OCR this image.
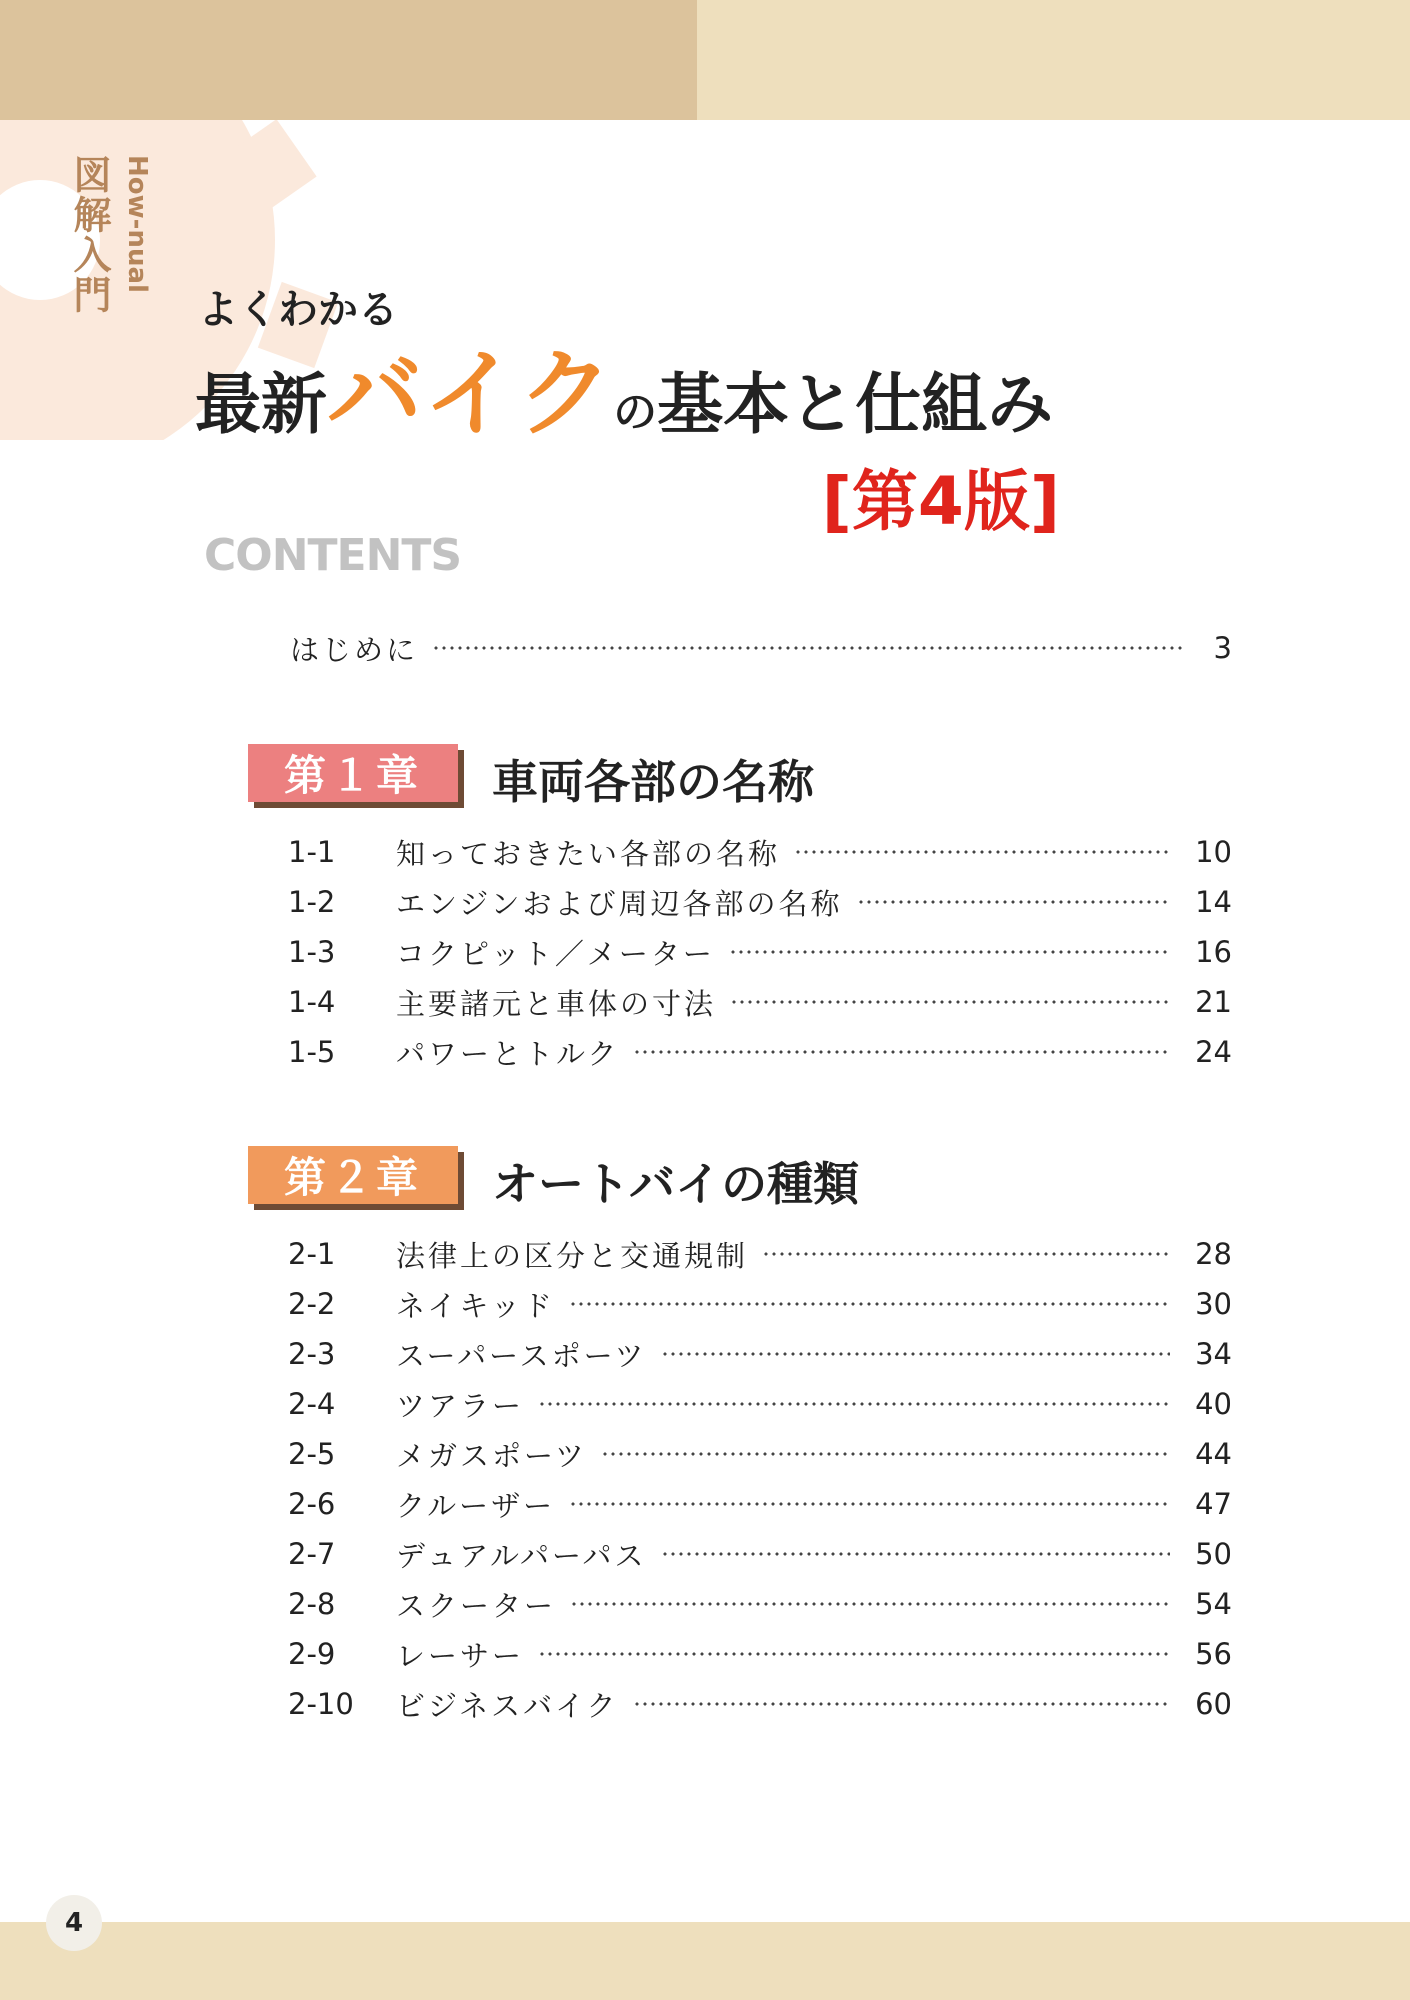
図解入門 How-nual
よくわかる
最新バイクの基本と仕組み
[第4版]
CONTENTS
はじめに	3
第１章	車両各部の名称
1-1	知っておきたい各部の名称	10
1-2	エンジンおよび周辺各部の名称	14
1-3	コクピット／メーター	16
1-4	主要諸元と車体の寸法	21
1-5	パワーとトルク	24
第２章	オートバイの種類
2-1	法律上の区分と交通規制	28
2-2	ネイキッド	30
2-3	スーパースポーツ	34
2-4	ツアラー	40
2-5	メガスポーツ	44
2-6	クルーザー	47
2-7	デュアルパーパス	50
2-8	スクーター	54
2-9	レーサー	56
2-10	ビジネスバイク	60
4
